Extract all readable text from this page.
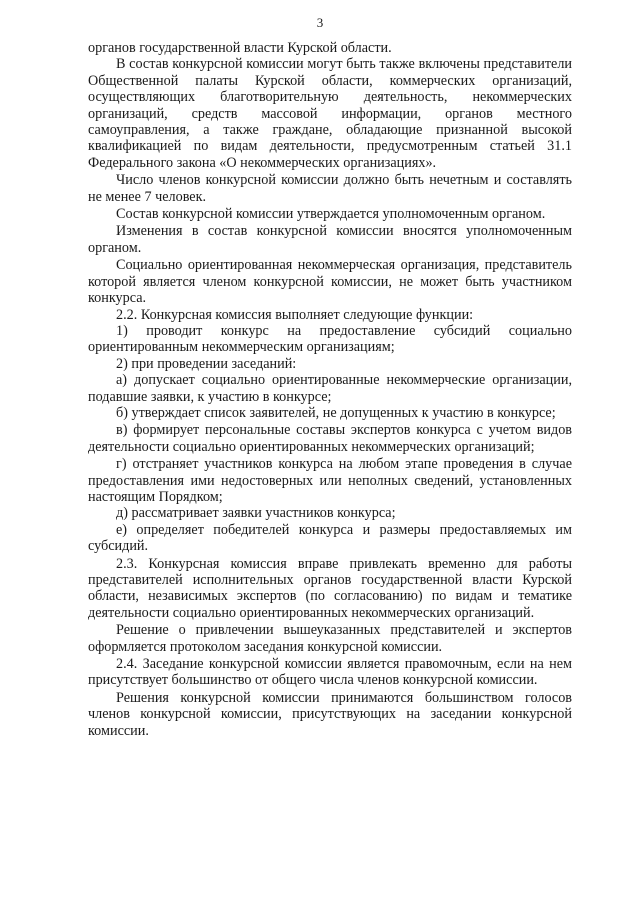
3

органов государственной власти Курской области.

В состав конкурсной комиссии могут быть также включены представители Общественной палаты Курской области, коммерческих организаций, осуществляющих благотворительную деятельность, некоммерческих организаций, средств массовой информации, органов местного самоуправления, а также граждане, обладающие признанной высокой квалификацией по видам деятельности, предусмотренным статьей 31.1 Федерального закона «О некоммерческих организациях».

Число членов конкурсной комиссии должно быть нечетным и составлять не менее 7 человек.

Состав конкурсной комиссии утверждается уполномоченным органом.

Изменения в состав конкурсной комиссии вносятся уполномоченным органом.

Социально ориентированная некоммерческая организация, представитель которой является членом конкурсной комиссии, не может быть участником конкурса.

2.2. Конкурсная комиссия выполняет следующие функции:

1) проводит конкурс на предоставление субсидий социально ориентированным некоммерческим организациям;

2) при проведении заседаний:

а) допускает социально ориентированные некоммерческие организации, подавшие заявки, к участию в конкурсе;

б) утверждает список заявителей, не допущенных к участию в конкурсе;

в) формирует персональные составы экспертов конкурса с учетом видов деятельности социально ориентированных некоммерческих организаций;

г) отстраняет участников конкурса на любом этапе проведения в случае предоставления ими недостоверных или неполных сведений, установленных настоящим Порядком;

д) рассматривает заявки участников конкурса;

е) определяет победителей конкурса и размеры предоставляемых им субсидий.

2.3. Конкурсная комиссия вправе привлекать временно для работы представителей исполнительных органов государственной власти Курской области, независимых экспертов (по согласованию) по видам и тематике деятельности социально ориентированных некоммерческих организаций.

Решение о привлечении вышеуказанных представителей и экспертов оформляется протоколом заседания конкурсной комиссии.

2.4. Заседание конкурсной комиссии является правомочным, если на нем присутствует большинство от общего числа членов конкурсной комиссии.

Решения конкурсной комиссии принимаются большинством голосов членов конкурсной комиссии, присутствующих на заседании конкурсной комиссии.
